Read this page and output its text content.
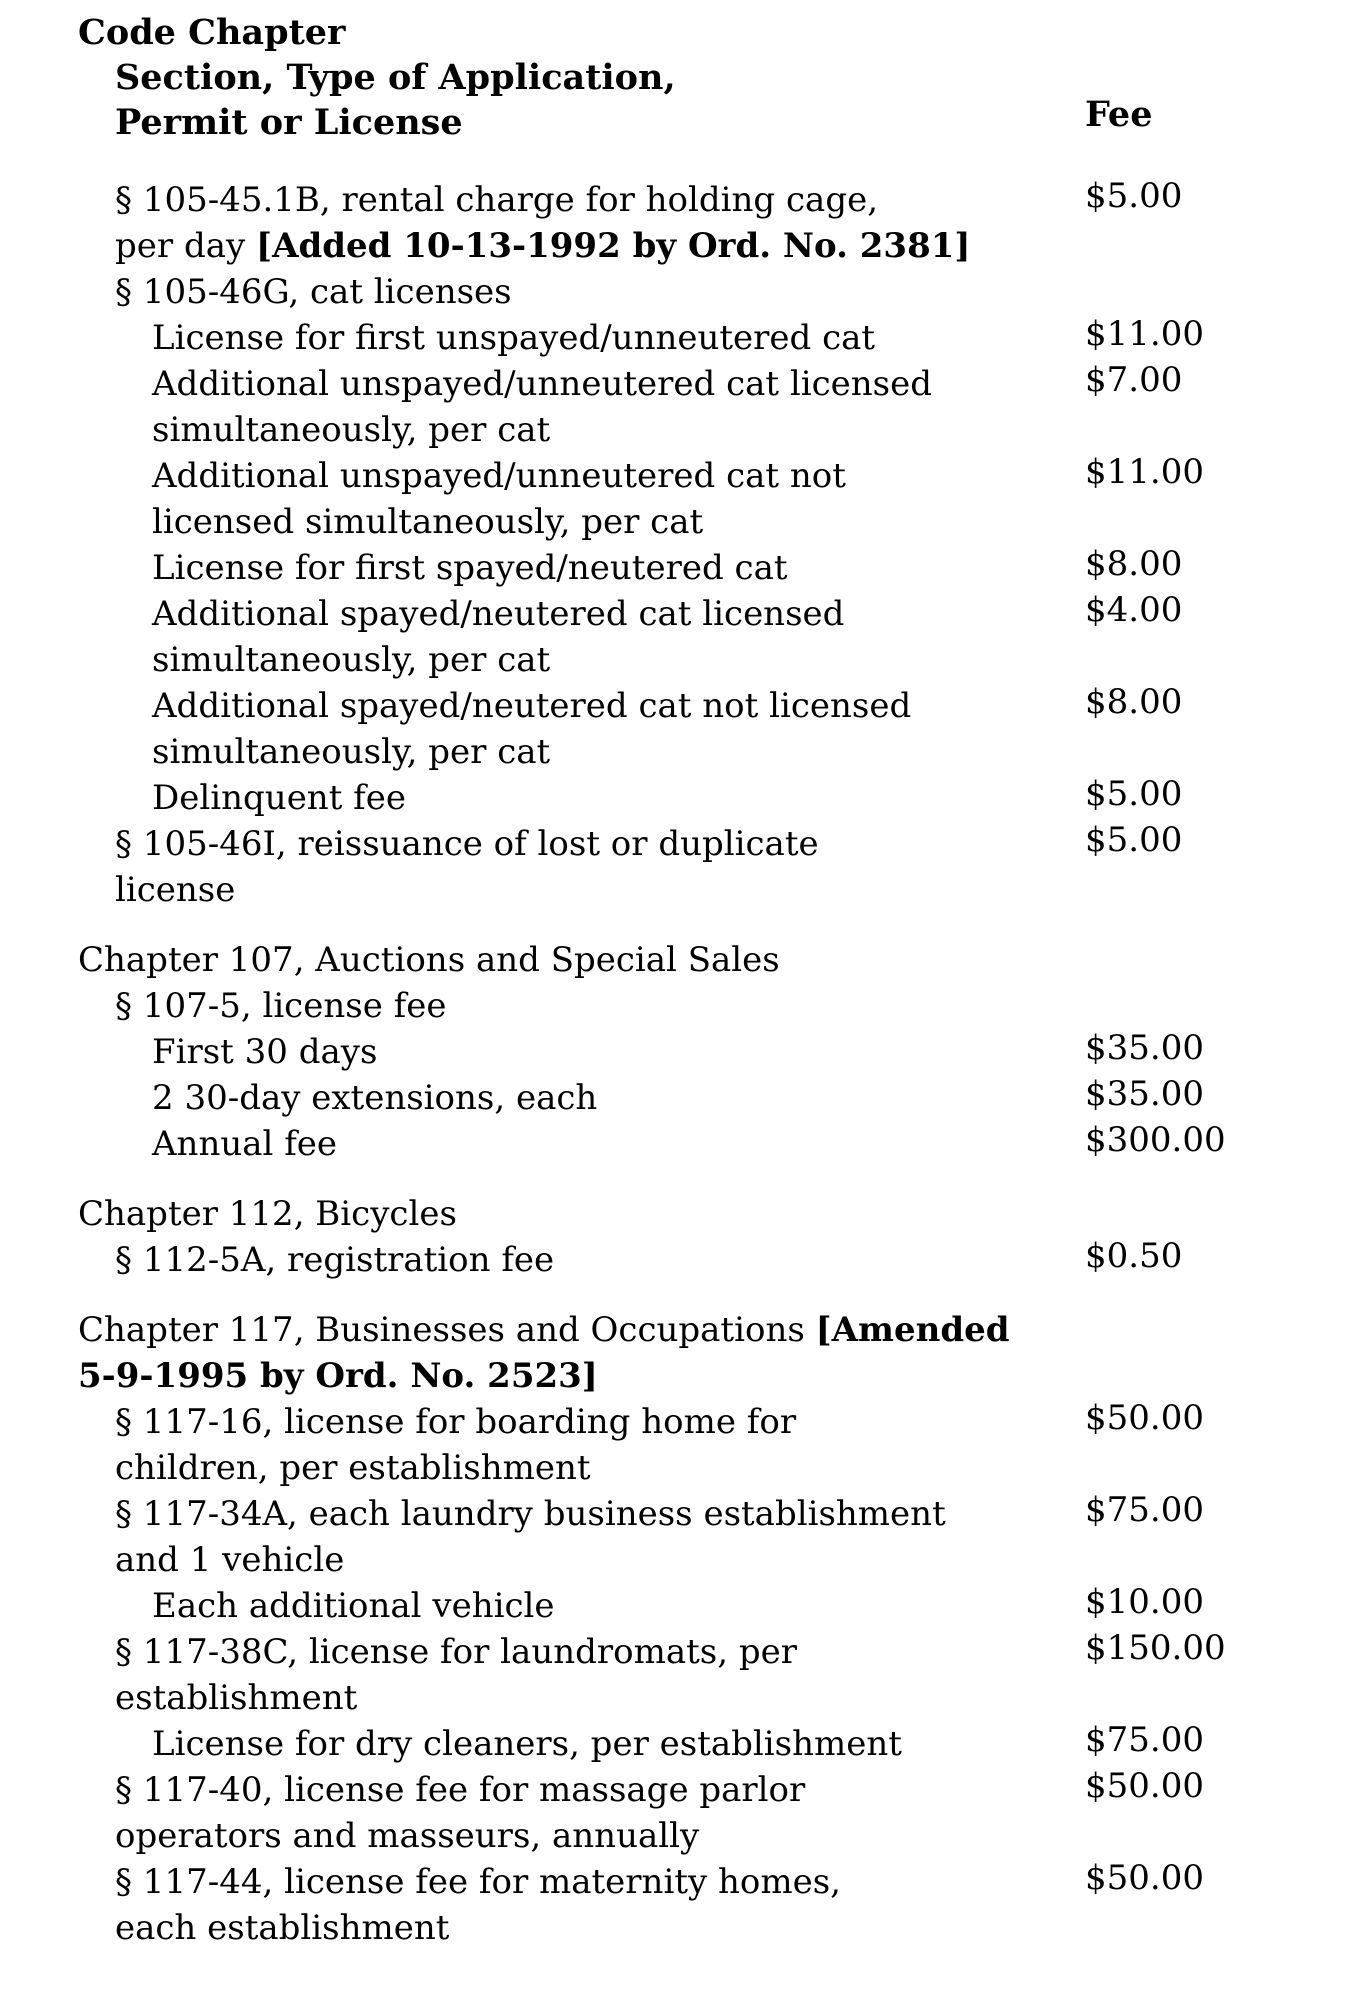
Code Chapter
Section, Type of Application,
Permit or License	Fee
§ 105-45.1B, rental charge for holding cage,	$5.00
per day [Added 10-13-1992 by Ord. No. 2381]
§ 105-46G, cat licenses
License for first unspayed/unneutered cat	$11.00
Additional unspayed/unneutered cat licensed	$7.00
simultaneously, per cat
Additional unspayed/unneutered cat not	$11.00
licensed simultaneously, per cat
License for first spayed/neutered cat	$8.00
Additional spayed/neutered cat licensed	$4.00
simultaneously, per cat
Additional spayed/neutered cat not licensed	$8.00
simultaneously, per cat
Delinquent fee	$5.00
§ 105-46I, reissuance of lost or duplicate	$5.00
license
Chapter 107, Auctions and Special Sales
§ 107-5, license fee
First 30 days	$35.00
2 30-day extensions, each	$35.00
Annual fee	$300.00
Chapter 112, Bicycles
§ 112-5A, registration fee	$0.50
Chapter 117, Businesses and Occupations [Amended
5-9-1995 by Ord. No. 2523]
§ 117-16, license for boarding home for	$50.00
children, per establishment
§ 117-34A, each laundry business establishment	$75.00
and 1 vehicle
Each additional vehicle	$10.00
§ 117-38C, license for laundromats, per	$150.00
establishment
License for dry cleaners, per establishment	$75.00
§ 117-40, license fee for massage parlor	$50.00
operators and masseurs, annually
§ 117-44, license fee for maternity homes,	$50.00
each establishment
